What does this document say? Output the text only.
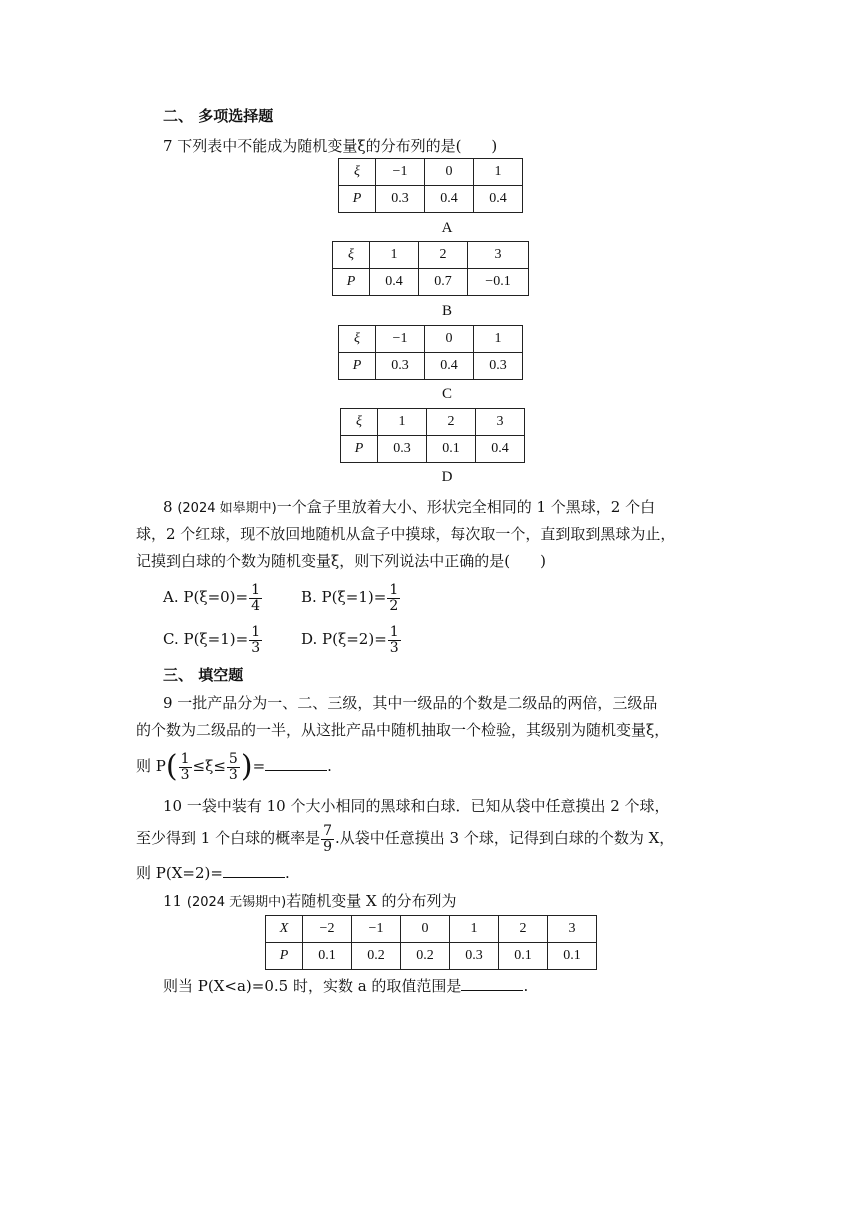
二、 多项选择题
7 下列表中不能成为随机变量ξ的分布列的是(　　)
ξ	−1	0	1
P	0.3	0.4	0.4
A
ξ	1	2	3
P	0.4	0.7	−0.1
B
ξ	−1	0	1
P	0.3	0.4	0.3
C
ξ	1	2	3
P	0.3	0.1	0.4
D
8 (2024 如皋期中)一个盒子里放着大小、形状完全相同的 1 个黑球，2 个白
球，2 个红球，现不放回地随机从盒子中摸球，每次取一个，直到取到黑球为止，
记摸到白球的个数为随机变量ξ，则下列说法中正确的是(　　)
A. $P(\xi=0)= \frac{1}{4}$	B. $P(\xi=1)= \frac{1}{2}$
C. $P(\xi=1)= \frac{1}{3}$	D. $P(\xi=2)= \frac{1}{3}$
三、 填空题
9 一批产品分为一、二、三级，其中一级品的个数是二级品的两倍，三级品
的个数为二级品的一半，从这批产品中随机抽取一个检验，其级别为随机变量ξ，
则 $P( \frac{1}{3} \le\xi\le \frac{5}{3}$ )=	.
10 一袋中装有 10 个大小相同的黑球和白球．已知从袋中任意摸出 2 个球，
至少得到 1 个白球的概率是 $\frac{7}{9}$ .从袋中任意摸出 3 个球，记得到白球的个数为 X，
则 P(X=2)=	.
11 (2024 无锡期中)若随机变量 X 的分布列为
X	−2	−1	0	1	2	3
P	0.1	0.2	0.2	0.3	0.1	0.1
则当 P(X<a)=0.5 时，实数 a 的取值范围是	.
